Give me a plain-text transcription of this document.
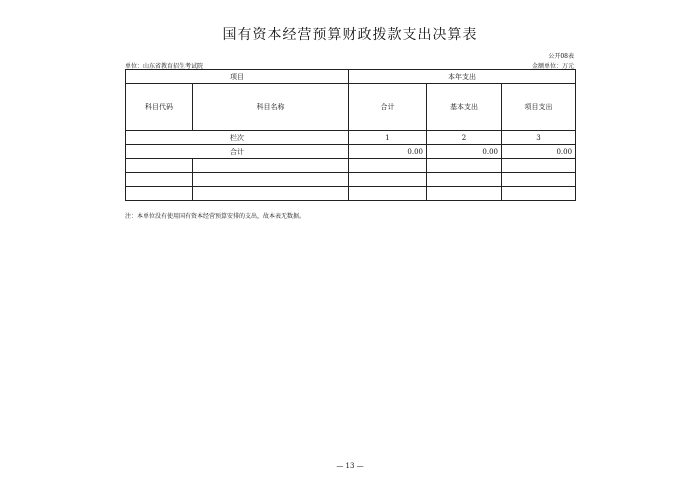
国有资本经营预算财政拨款支出决算表
公开08表
单位：山东省教育招生考试院	金额单位：万元
项目		本年支出		
科目代码	科目名称	合计	基本支出	项目支出
栏次		1	2	3
合计		0.00	0.00	0.00

注：本单位没有使用国有资本经营预算安排的支出，故本表无数据。
— 13 —
